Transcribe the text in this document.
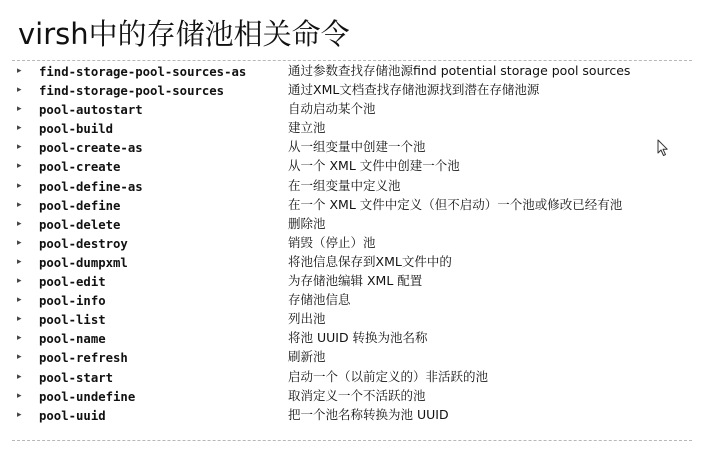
virsh中的存储池相关命令
▸ find-storage-pool-sources-as	通过参数查找存储池源find potential storage pool sources
▸ find-storage-pool-sources	通过XML文档查找存储池源找到潜在存储池源
▸ pool-autostart	自动启动某个池
▸ pool-build	建立池
▸ pool-create-as	从一组变量中创建一个池
▸ pool-create	从一个 XML 文件中创建一个池
▸ pool-define-as	在一组变量中定义池
▸ pool-define	在一个 XML 文件中定义（但不启动）一个池或修改已经有池
▸ pool-delete	删除池
▸ pool-destroy	销毁（停止）池
▸ pool-dumpxml	将池信息保存到XML文件中的
▸ pool-edit	为存储池编辑 XML 配置
▸ pool-info	存储池信息
▸ pool-list	列出池
▸ pool-name	将池 UUID 转换为池名称
▸ pool-refresh	刷新池
▸ pool-start	启动一个（以前定义的）非活跃的池
▸ pool-undefine	取消定义一个不活跃的池
▸ pool-uuid	把一个池名称转换为池 UUID
